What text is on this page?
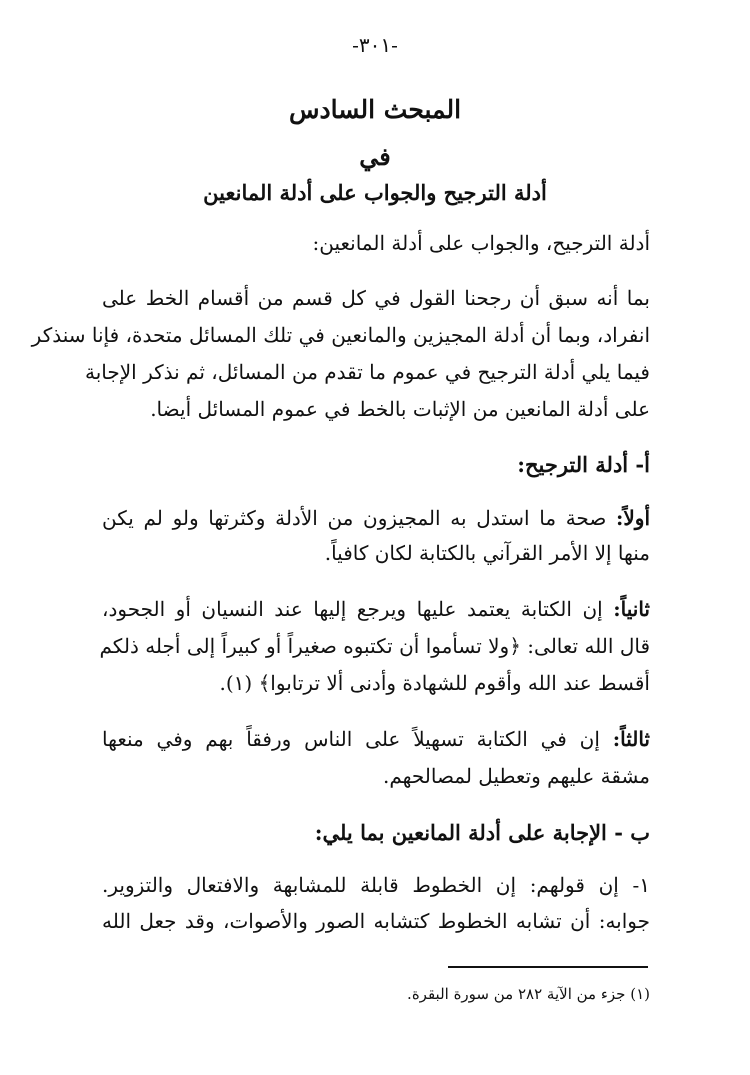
-٣٠١-
المبحث السادس
في
أدلة الترجيح والجواب على أدلة المانعين
أدلة الترجيح، والجواب على أدلة المانعين:
بما أنه سبق أن رجحنا القول في كل قسم من أقسام الخط على
انفراد، وبما أن أدلة المجيزين والمانعين في تلك المسائل متحدة، فإنا سنذكر
فيما يلي أدلة الترجيح في عموم ما تقدم من المسائل، ثم نذكر الإجابة
على أدلة المانعين من الإثبات بالخط في عموم المسائل أيضا.
أ- أدلة الترجيح:
أولاً: صحة ما استدل به المجيزون من الأدلة وكثرتها ولو لم يكن
منها إلا الأمر القرآني بالكتابة لكان كافياً.
ثانياً: إن الكتابة يعتمد عليها ويرجع إليها عند النسيان أو الجحود،
قال الله تعالى: ﴿ولا تسأموا أن تكتبوه صغيراً أو كبيراً إلى أجله ذلكم
أقسط عند الله وأقوم للشهادة وأدنى ألا ترتابوا﴾ (١).
ثالثاً: إن في الكتابة تسهيلاً على الناس ورفقاً بهم وفي منعها
مشقة عليهم وتعطيل لمصالحهم.
ب - الإجابة على أدلة المانعين بما يلي:
١- إن قولهم: إن الخطوط قابلة للمشابهة والافتعال والتزوير.
جوابه: أن تشابه الخطوط كتشابه الصور والأصوات، وقد جعل الله
(١) جزء من الآية ٢٨٢ من سورة البقرة.
